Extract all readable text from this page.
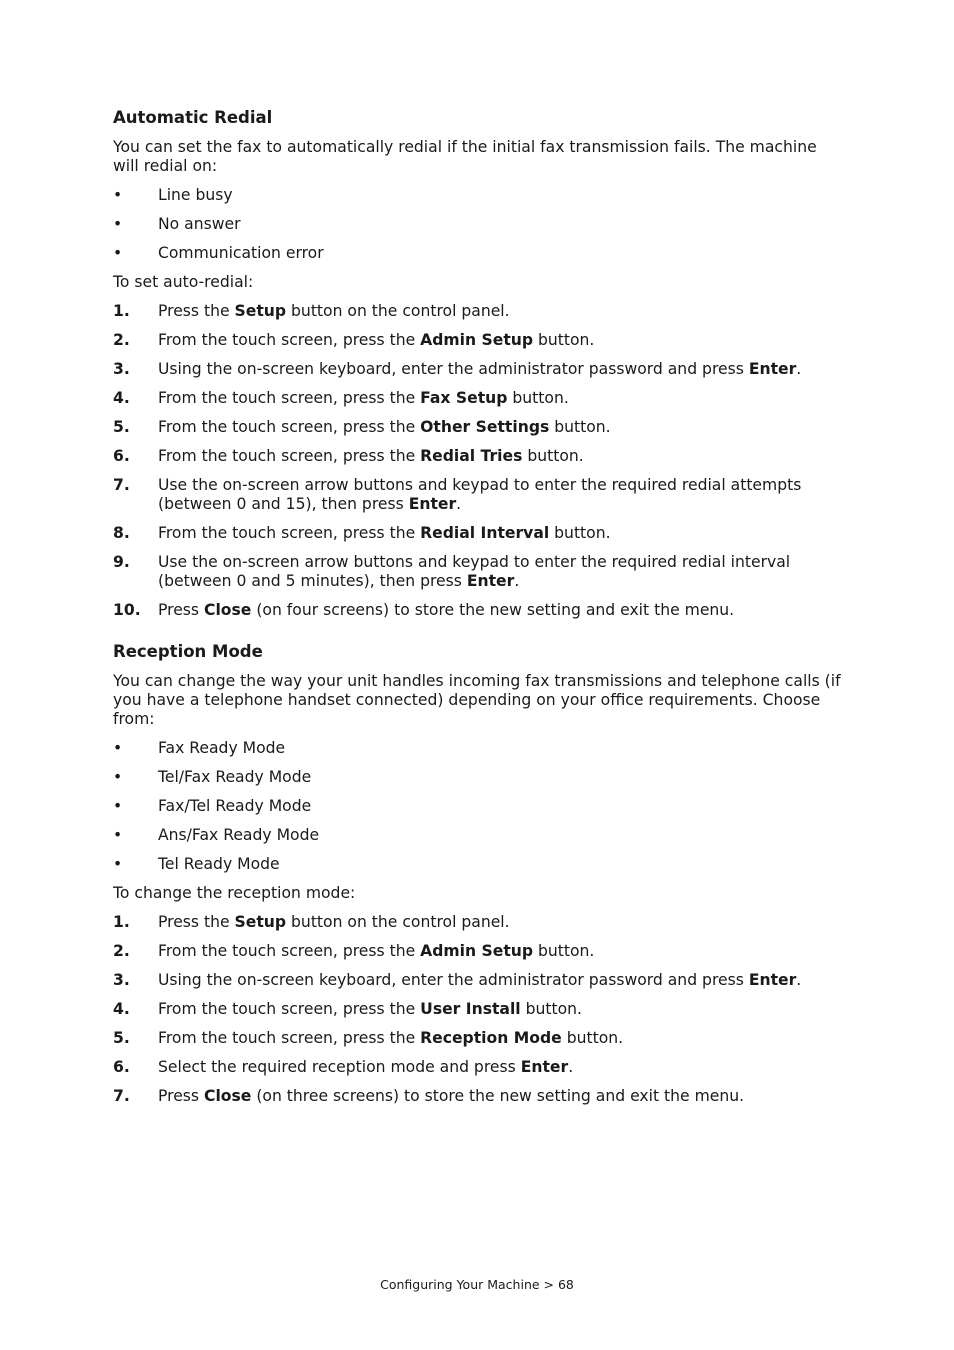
Automatic Redial

You can set the fax to automatically redial if the initial fax transmission fails. The machine will redial on:

•	Line busy
•	No answer
•	Communication error

To set auto-redial:

1.	Press the Setup button on the control panel.
2.	From the touch screen, press the Admin Setup button.
3.	Using the on-screen keyboard, enter the administrator password and press Enter.
4.	From the touch screen, press the Fax Setup button.
5.	From the touch screen, press the Other Settings button.
6.	From the touch screen, press the Redial Tries button.
7.	Use the on-screen arrow buttons and keypad to enter the required redial attempts (between 0 and 15), then press Enter.
8.	From the touch screen, press the Redial Interval button.
9.	Use the on-screen arrow buttons and keypad to enter the required redial interval (between 0 and 5 minutes), then press Enter.
10.	Press Close (on four screens) to store the new setting and exit the menu.
Reception Mode

You can change the way your unit handles incoming fax transmissions and telephone calls (if you have a telephone handset connected) depending on your office requirements. Choose from:

•	Fax Ready Mode
•	Tel/Fax Ready Mode
•	Fax/Tel Ready Mode
•	Ans/Fax Ready Mode
•	Tel Ready Mode

To change the reception mode:

1.	Press the Setup button on the control panel.
2.	From the touch screen, press the Admin Setup button.
3.	Using the on-screen keyboard, enter the administrator password and press Enter.
4.	From the touch screen, press the User Install button.
5.	From the touch screen, press the Reception Mode button.
6.	Select the required reception mode and press Enter.
7.	Press Close (on three screens) to store the new setting and exit the menu.
Configuring Your Machine > 68
